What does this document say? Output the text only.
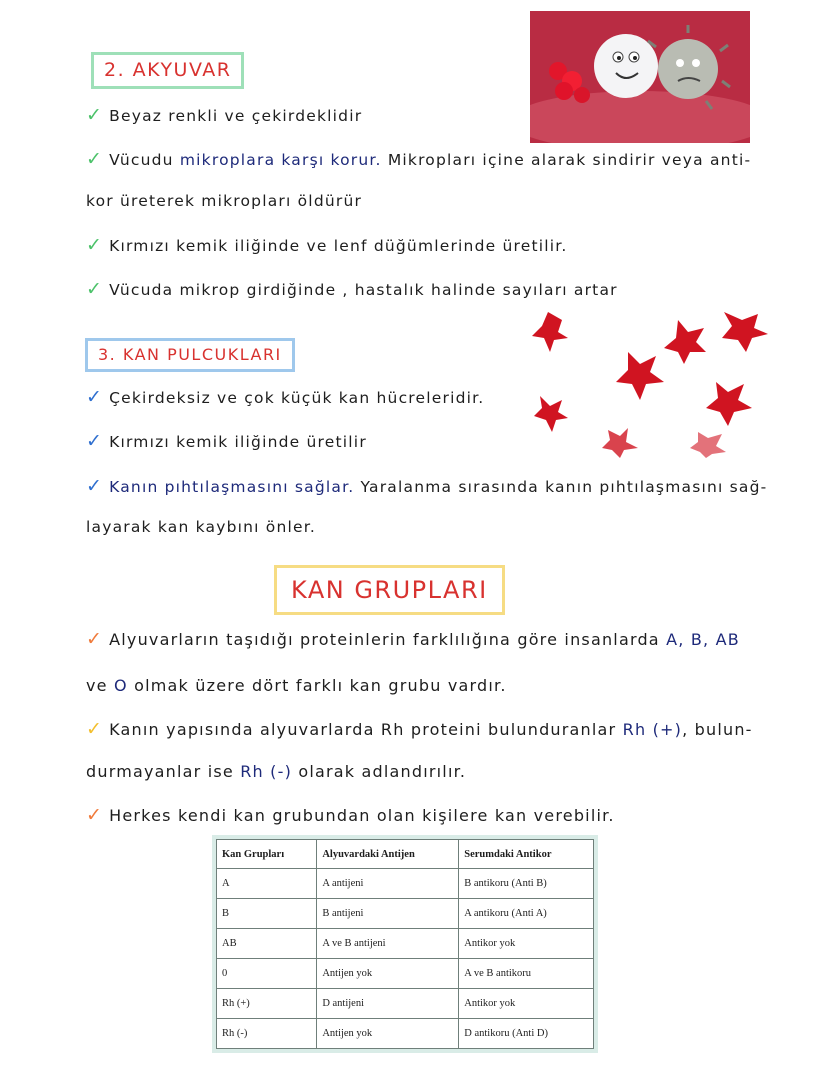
2. AKYUVAR
✓ Beyaz renkli ve çekirdeklidir
✓ Vücudu mikroplara karşı korur. Mikropları içine alarak sindirir veya anti-
kor üreterek mikropları öldürür
✓ Kırmızı kemik iliğinde ve lenf düğümlerinde üretilir.
✓ Vücuda mikrop girdiğinde , hastalık halinde sayıları artar
3. KAN PULCUKLARI
✓ Çekirdeksiz ve çok küçük kan hücreleridir.
✓ Kırmızı kemik iliğinde üretilir
✓ Kanın pıhtılaşmasını sağlar. Yaralanma sırasında kanın pıhtılaşmasını sağ-
layarak kan kaybını önler.
KAN GRUPLARI
✓ Alyuvarların taşıdığı proteinlerin farklılığına göre insanlarda A, B, AB
ve O olmak üzere dört farklı kan grubu vardır.
✓ Kanın yapısında alyuvarlarda Rh proteini bulunduranlar Rh (+), bulun-
durmayanlar ise Rh (-) olarak adlandırılır.
✓ Herkes kendi kan grubundan olan kişilere kan verebilir.
Kan Grupları	Alyuvardaki Antijen	Serumdaki Antikor
A	A antijeni	B antikoru (Anti B)
B	B antijeni	A antikoru (Anti A)
AB	A ve B antijeni	Antikor yok
0	Antijen yok	A ve B antikoru
Rh (+)	D antijeni	Antikor yok
Rh (-)	Antijen yok	D antikoru (Anti D)
